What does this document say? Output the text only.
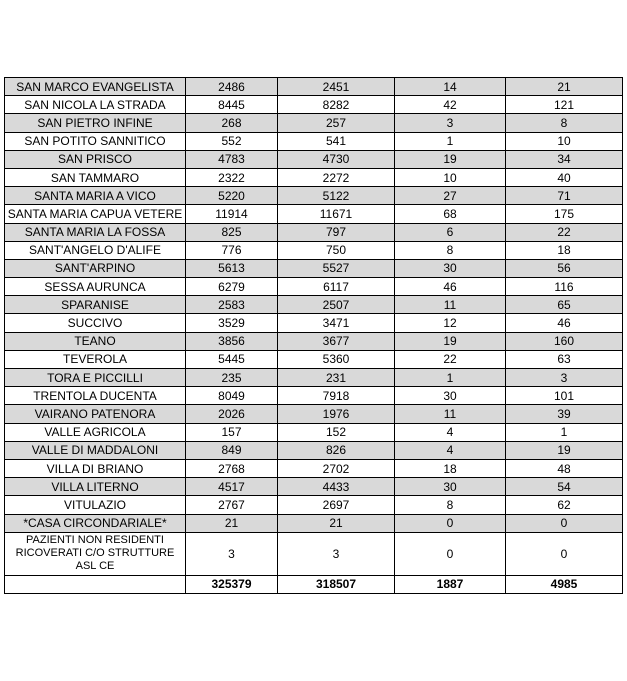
SAN MARCO EVANGELISTA	2486	2451	14	21
SAN NICOLA LA STRADA	8445	8282	42	121
SAN PIETRO INFINE	268	257	3	8
SAN POTITO SANNITICO	552	541	1	10
SAN PRISCO	4783	4730	19	34
SAN TAMMARO	2322	2272	10	40
SANTA MARIA A VICO	5220	5122	27	71
SANTA MARIA CAPUA VETERE	11914	11671	68	175
SANTA MARIA LA FOSSA	825	797	6	22
SANT'ANGELO D'ALIFE	776	750	8	18
SANT'ARPINO	5613	5527	30	56
SESSA AURUNCA	6279	6117	46	116
SPARANISE	2583	2507	11	65
SUCCIVO	3529	3471	12	46
TEANO	3856	3677	19	160
TEVEROLA	5445	5360	22	63
TORA E PICCILLI	235	231	1	3
TRENTOLA DUCENTA	8049	7918	30	101
VAIRANO PATENORA	2026	1976	11	39
VALLE AGRICOLA	157	152	4	1
VALLE DI MADDALONI	849	826	4	19
VILLA DI BRIANO	2768	2702	18	48
VILLA LITERNO	4517	4433	30	54
VITULAZIO	2767	2697	8	62
*CASA CIRCONDARIALE*	21	21	0	0
PAZIENTI NON RESIDENTI RICOVERATI C/O STRUTTURE ASL CE	3	3	0	0
	325379	318507	1887	4985
